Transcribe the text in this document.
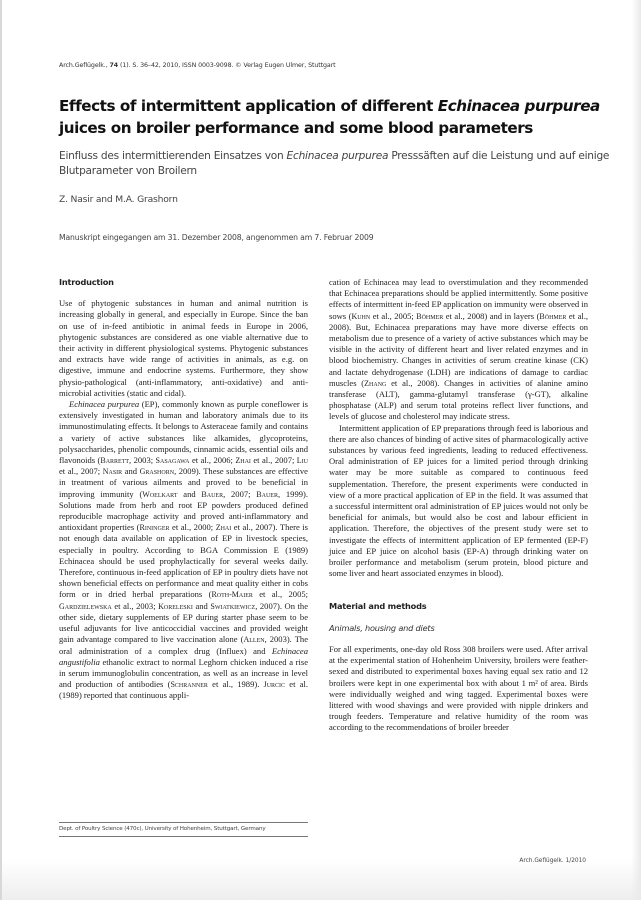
Arch.Geflügelk., 74 (1). S. 36–42, 2010, ISSN 0003-9098. © Verlag Eugen Ulmer, Stuttgart
Effects of intermittent application of different Echinacea purpurea juices on broiler performance and some blood parameters
Einfluss des intermittierenden Einsatzes von Echinacea purpurea Presssäften auf die Leistung und auf einige Blutparameter von Broilern
Z. Nasir and M.A. Grashorn
Manuskript eingegangen am 31. Dezember 2008, angenommen am 7. Februar 2009
Introduction

Use of phytogenic substances in human and animal nutrition is increasing globally in general, and especially in Europe. Since the ban on use of in-feed antibiotic in animal feeds in Europe in 2006, phytogenic substances are considered as one viable alternative due to their activity in different physiological systems. Phytogenic substances and extracts have wide range of activities in animals, as e.g. on digestive, immune and endocrine systems. Furthermore, they show physio-pathological (anti-inflammatory, anti-oxidative) and anti-microbial activities (static and cidal).

Echinacea purpurea (EP), commonly known as purple coneflower is extensively investigated in human and laboratory animals due to its immunostimulating effects. It belongs to Asteraceae family and contains a variety of active substances like alkamides, glycoproteins, polysaccharides, phenolic compounds, cinnamic acids, essential oils and flavonoids (Barrett, 2003; Sasagawa et al., 2006; Zhai et al., 2007; Liu et al., 2007; Nasir and Grashorn, 2009). These substances are effective in treatment of various ailments and proved to be beneficial in improving immunity (Woelkart and Bauer, 2007; Bauer, 1999). Solutions made from herb and root EP powders produced defined reproducible macrophage activity and proved anti-inflammatory and antioxidant properties (Rininger et al., 2000; Zhai et al., 2007). There is not enough data available on application of EP in livestock species, especially in poultry. According to BGA Commission E (1989) Echinacea should be used prophylactically for several weeks daily. Therefore, continuous in-feed application of EP in poultry diets have not shown beneficial effects on performance and meat quality either in cobs form or in dried herbal preparations (Roth-Maier et al., 2005; Gardzielewska et al., 2003; Koreleski and Swiatkiewicz, 2007). On the other side, dietary supplements of EP during starter phase seem to be useful adjuvants for live anticoccidial vaccines and provided weight gain advantage compared to live vaccination alone (Allen, 2003). The oral administration of a complex drug (Influex) and Echinacea angustifolia ethanolic extract to normal Leghorn chicken induced a rise in serum immunoglobulin concentration, as well as an increase in level and production of antibodies (Schranner et al., 1989). Jurcic et al. (1989) reported that continuous appli-

Dept. of Poultry Science (470c), University of Hohenheim, Stuttgart, Germany

cation of Echinacea may lead to overstimulation and they recommended that Echinacea preparations should be applied intermittently. Some positive effects of intermittent in-feed EP application on immunity were observed in sows (Kuhn et al., 2005; Böhmer et al., 2008) and in layers (Böhmer et al., 2008). But, Echinacea preparations may have more diverse effects on metabolism due to presence of a variety of active substances which may be visible in the activity of different heart and liver related enzymes and in blood biochemistry. Changes in activities of serum creatine kinase (CK) and lactate dehydrogenase (LDH) are indications of damage to cardiac muscles (Zhang et al., 2008). Changes in activities of alanine amino transferase (ALT), gamma-glutamyl transferase (γ-GT), alkaline phosphatase (ALP) and serum total proteins reflect liver functions, and levels of glucose and cholesterol may indicate stress.

Intermittent application of EP preparations through feed is laborious and there are also chances of binding of active sites of pharmacologically active substances by various feed ingredients, leading to reduced effectiveness. Oral administration of EP juices for a limited period through drinking water may be more suitable as compared to continuous feed supplementation. Therefore, the present experiments were conducted in view of a more practical application of EP in the field. It was assumed that a successful intermittent oral administration of EP juices would not only be beneficial for animals, but would also be cost and labour efficient in application. Therefore, the objectives of the present study were set to investigate the effects of intermittent application of EP fermented (EP-F) juice and EP juice on alcohol basis (EP-A) through drinking water on broiler performance and metabolism (serum protein, blood picture and some liver and heart associated enzymes in blood).

Material and methods
Animals, housing and diets

For all experiments, one-day old Ross 308 broilers were used. After arrival at the experimental station of Hohenheim University, broilers were feather-sexed and distributed to experimental boxes having equal sex ratio and 12 broilers were kept in one experimental box with about 1 m² of area. Birds were individually weighed and wing tagged. Experimental boxes were littered with wood shavings and were provided with nipple drinkers and trough feeders. Temperature and relative humidity of the room was according to the recommendations of broiler breeder

Arch.Geflügelk. 1/2010
